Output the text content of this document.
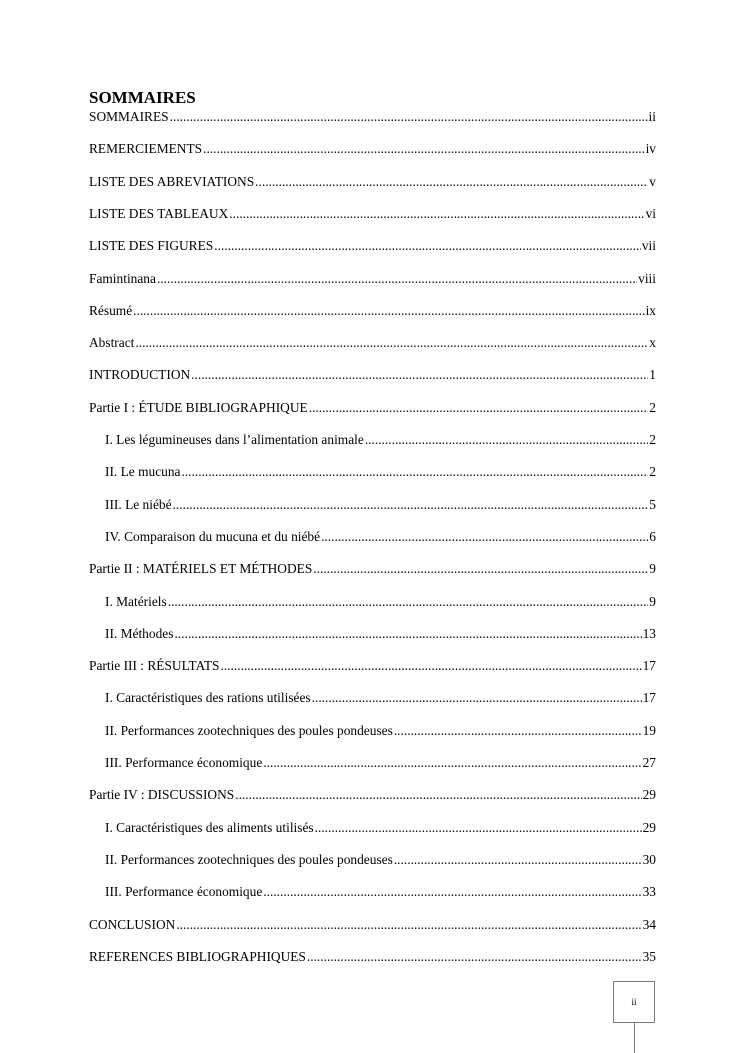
SOMMAIRES
SOMMAIRES .....	ii
REMERCIEMENTS .....	iv
LISTE DES ABREVIATIONS .....	v
LISTE DES TABLEAUX .....	vi
LISTE DES FIGURES .....	vii
Famintinana .....	viii
Résumé .....	ix
Abstract .....	x
INTRODUCTION .....	1
Partie I : ÉTUDE BIBLIOGRAPHIQUE .....	2
I. Les légumineuses dans l’alimentation animale .....	2
II. Le mucuna .....	2
III. Le niébé .....	5
IV. Comparaison du mucuna et du niébé .....	6
Partie II : MATÉRIELS ET MÉTHODES .....	9
I. Matériels .....	9
II. Méthodes .....	13
Partie III : RÉSULTATS .....	17
I. Caractéristiques des rations utilisées .....	17
II. Performances zootechniques des poules pondeuses .....	19
III. Performance économique .....	27
Partie IV : DISCUSSIONS .....	29
I. Caractéristiques des aliments utilisés .....	29
II. Performances zootechniques des poules pondeuses .....	30
III. Performance économique .....	33
CONCLUSION .....	34
REFERENCES BIBLIOGRAPHIQUES .....	35
ii
